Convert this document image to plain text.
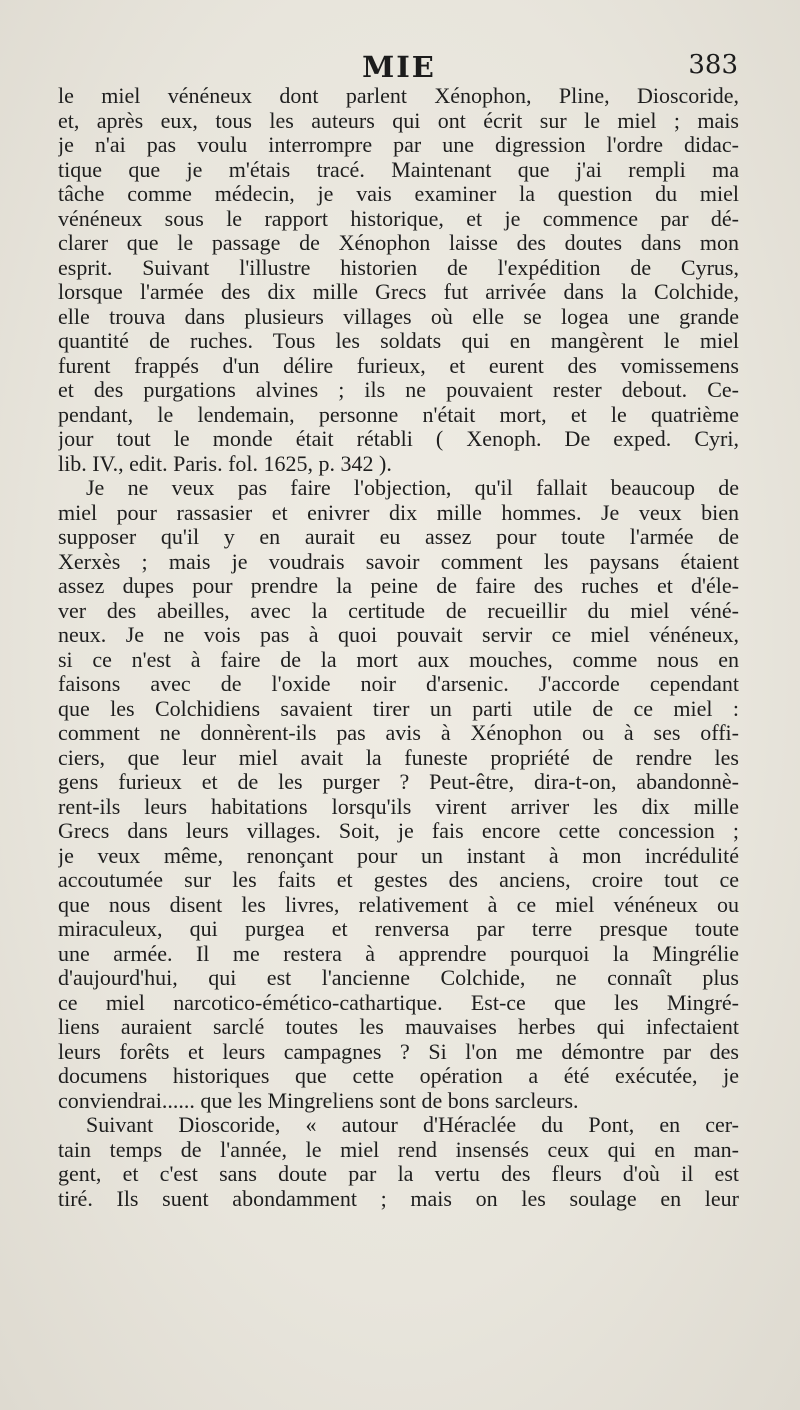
MIE	383
le miel vénéneux dont parlent Xénophon, Pline, Dioscoride,
et, après eux, tous les auteurs qui ont écrit sur le miel ; mais
je n'ai pas voulu interrompre par une digression l'ordre didac-
tique que je m'étais tracé. Maintenant que j'ai rempli ma
tâche comme médecin, je vais examiner la question du miel
vénéneux sous le rapport historique, et je commence par dé-
clarer que le passage de Xénophon laisse des doutes dans mon
esprit. Suivant l'illustre historien de l'expédition de Cyrus,
lorsque l'armée des dix mille Grecs fut arrivée dans la Colchide,
elle trouva dans plusieurs villages où elle se logea une grande
quantité de ruches. Tous les soldats qui en mangèrent le miel
furent frappés d'un délire furieux, et eurent des vomissemens
et des purgations alvines ; ils ne pouvaient rester debout. Ce-
pendant, le lendemain, personne n'était mort, et le quatrième
jour tout le monde était rétabli ( Xenoph. De exped. Cyri,
lib. IV., edit. Paris. fol. 1625, p. 342 ).
Je ne veux pas faire l'objection, qu'il fallait beaucoup de
miel pour rassasier et enivrer dix mille hommes. Je veux bien
supposer qu'il y en aurait eu assez pour toute l'armée de
Xerxès ; mais je voudrais savoir comment les paysans étaient
assez dupes pour prendre la peine de faire des ruches et d'éle-
ver des abeilles, avec la certitude de recueillir du miel véné-
neux. Je ne vois pas à quoi pouvait servir ce miel vénéneux,
si ce n'est à faire de la mort aux mouches, comme nous en
faisons avec de l'oxide noir d'arsenic. J'accorde cependant
que les Colchidiens savaient tirer un parti utile de ce miel :
comment ne donnèrent-ils pas avis à Xénophon ou à ses offi-
ciers, que leur miel avait la funeste propriété de rendre les
gens furieux et de les purger ? Peut-être, dira-t-on, abandonnè-
rent-ils leurs habitations lorsqu'ils virent arriver les dix mille
Grecs dans leurs villages. Soit, je fais encore cette concession ;
je veux même, renonçant pour un instant à mon incrédulité
accoutumée sur les faits et gestes des anciens, croire tout ce
que nous disent les livres, relativement à ce miel vénéneux ou
miraculeux, qui purgea et renversa par terre presque toute
une armée. Il me restera à apprendre pourquoi la Mingrélie
d'aujourd'hui, qui est l'ancienne Colchide, ne connaît plus
ce miel narcotico-émético-cathartique. Est-ce que les Mingré-
liens auraient sarclé toutes les mauvaises herbes qui infectaient
leurs forêts et leurs campagnes ? Si l'on me démontre par des
documens historiques que cette opération a été exécutée, je
conviendrai...... que les Mingreliens sont de bons sarcleurs.
Suivant Dioscoride, « autour d'Héraclée du Pont, en cer-
tain temps de l'année, le miel rend insensés ceux qui en man-
gent, et c'est sans doute par la vertu des fleurs d'où il est
tiré. Ils suent abondamment ; mais on les soulage en leur
